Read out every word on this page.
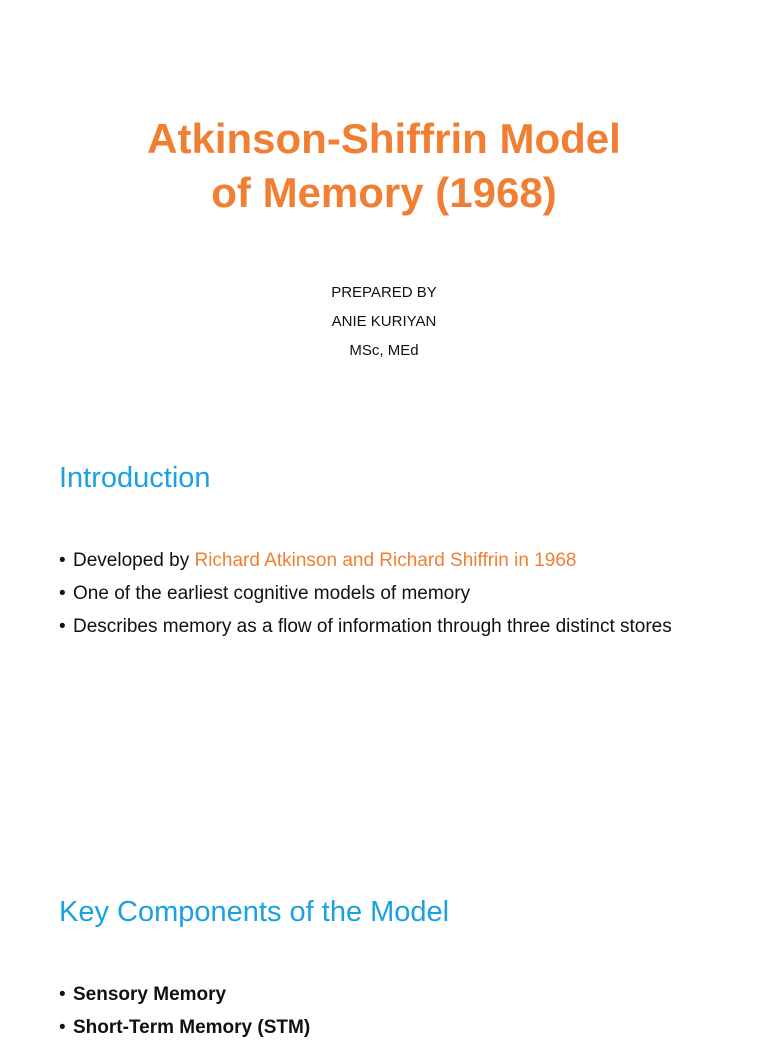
Atkinson-Shiffrin Model
of Memory (1968)
PREPARED BY
ANIE KURIYAN
MSc, MEd
Introduction
• Developed by Richard Atkinson and Richard Shiffrin in 1968
• One of the earliest cognitive models of memory
• Describes memory as a flow of information through three distinct stores
Key Components of the Model
• Sensory Memory
• Short-Term Memory (STM)
